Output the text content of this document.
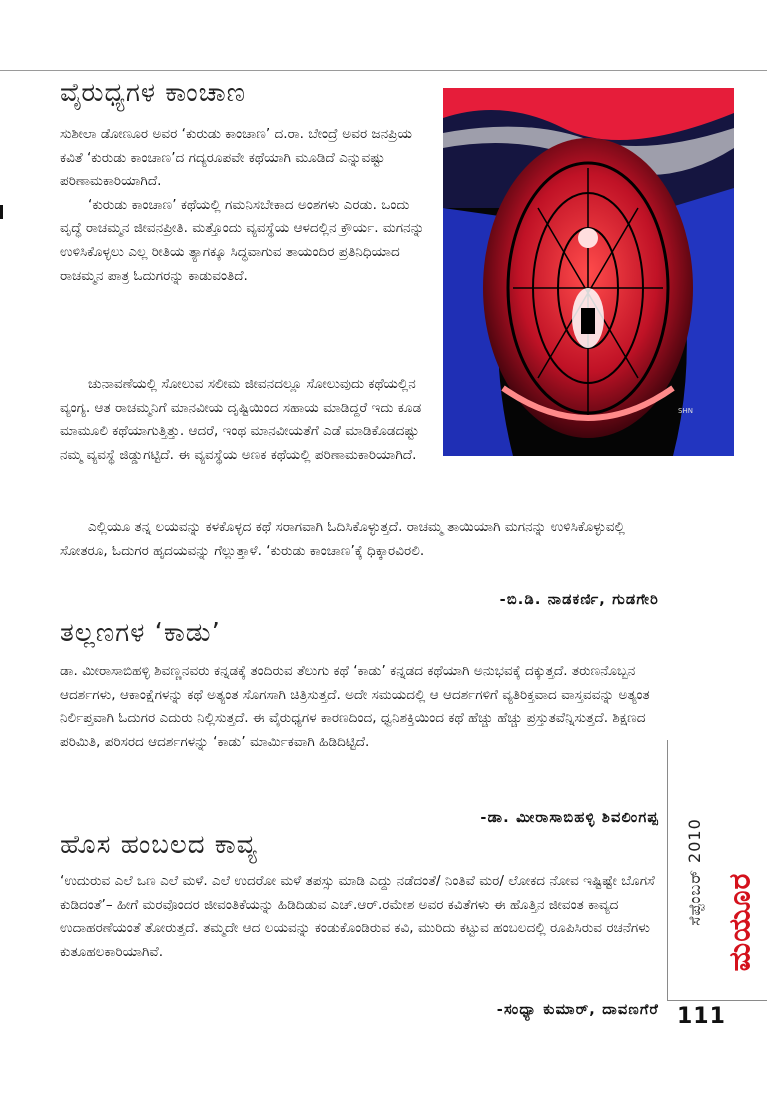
ವೈರುಧ್ಯಗಳ ಕಾಂಚಾಣ
SHN

ಸುಶೀಲಾ ಡೋಣೂರ ಅವರ ‘ಕುರುಡು ಕಾಂಚಾಣ’ ದ.ರಾ. ಬೇಂದ್ರೆ ಅವರ ಜನಪ್ರಿಯ ಕವಿತೆ ‘ಕುರುಡು ಕಾಂಚಾಣ’ದ ಗದ್ಯರೂಪವೇ ಕಥೆಯಾಗಿ ಮೂಡಿದೆ ಎನ್ನುವಷ್ಟು ಪರಿಣಾಮಕಾರಿಯಾಗಿದೆ.

‘ಕುರುಡು ಕಾಂಚಾಣ’ ಕಥೆಯಲ್ಲಿ ಗಮನಿಸಬೇಕಾದ ಅಂಶಗಳು ಎರಡು. ಒಂದು ವೃದ್ಧೆ ರಾಚಮ್ಮನ ಜೀವನಪ್ರೀತಿ. ಮತ್ತೊಂದು ವ್ಯವಸ್ಥೆಯ ಆಳದಲ್ಲಿನ ಕ್ರೌರ್ಯ. ಮಗನನ್ನು ಉಳಿಸಿಕೊಳ್ಳಲು ಎಲ್ಲ ರೀತಿಯ ತ್ಯಾಗಕ್ಕೂ ಸಿದ್ಧವಾಗುವ ತಾಯಂದಿರ ಪ್ರತಿನಿಧಿಯಾದ ರಾಚಮ್ಮನ ಪಾತ್ರ ಓದುಗರನ್ನು ಕಾಡುವಂತಿದೆ.

ಚುನಾವಣೆಯಲ್ಲಿ ಸೋಲುವ ಸಲೀಮ ಜೀವನದಲ್ಲೂ ಸೋಲುವುದು ಕಥೆಯಲ್ಲಿನ ವ್ಯಂಗ್ಯ. ಆತ ರಾಚಮ್ಮನಿಗೆ ಮಾನವೀಯ ದೃಷ್ಟಿಯಿಂದ ಸಹಾಯ ಮಾಡಿದ್ದರೆ ಇದು ಕೂಡ ಮಾಮೂಲಿ ಕಥೆಯಾಗುತ್ತಿತ್ತು. ಆದರೆ, ಇಂಥ ಮಾನವೀಯತೆಗೆ ಎಡೆ ಮಾಡಿಕೊಡದಷ್ಟು ನಮ್ಮ ವ್ಯವಸ್ಥೆ ಜಿಡ್ಡುಗಟ್ಟಿದೆ. ಈ ವ್ಯವಸ್ಥೆಯ ಅಣಕ ಕಥೆಯಲ್ಲಿ ಪರಿಣಾಮಕಾರಿಯಾಗಿದೆ.

ಎಲ್ಲಿಯೂ ತನ್ನ ಲಯವನ್ನು ಕಳಕೊಳ್ಳದ ಕಥೆ ಸರಾಗವಾಗಿ ಓದಿಸಿಕೊಳ್ಳುತ್ತದೆ. ರಾಚಮ್ಮ ತಾಯಿಯಾಗಿ ಮಗನನ್ನು ಉಳಿಸಿಕೊಳ್ಳುವಲ್ಲಿ ಸೋತರೂ, ಓದುಗರ ಹೃದಯವನ್ನು ಗೆಲ್ಲುತ್ತಾಳೆ. ‘ಕುರುಡು ಕಾಂಚಾಣ’ಕ್ಕೆ ಧಿಕ್ಕಾರವಿರಲಿ.

-ಬಿ.ಡಿ. ನಾಡಕರ್ಣಿ, ಗುಡಗೇರಿ
ತಲ್ಲಣಗಳ ‘ಕಾಡು’

ಡಾ. ಮೀರಾಸಾಬಿಹಳ್ಳಿ ಶಿವಣ್ಣನವರು ಕನ್ನಡಕ್ಕೆ ತಂದಿರುವ ತೆಲುಗು ಕಥೆ ‘ಕಾಡು’ ಕನ್ನಡದ ಕಥೆಯಾಗಿ ಅನುಭವಕ್ಕೆ ದಕ್ಕುತ್ತದೆ. ತರುಣನೊಬ್ಬನ ಆದರ್ಶಗಳು, ಆಕಾಂಕ್ಷೆಗಳನ್ನು ಕಥೆ ಅತ್ಯಂತ ಸೊಗಸಾಗಿ ಚಿತ್ರಿಸುತ್ತದೆ. ಅದೇ ಸಮಯದಲ್ಲಿ ಆ ಆದರ್ಶಗಳಿಗೆ ವ್ಯತಿರಿಕ್ತವಾದ ವಾಸ್ತವವನ್ನು ಅತ್ಯಂತ ನಿರ್ಲಿಪ್ತವಾಗಿ ಓದುಗರ ಎದುರು ನಿಲ್ಲಿಸುತ್ತದೆ. ಈ ವೈರುಧ್ಯಗಳ ಕಾರಣದಿಂದ, ಧ್ವನಿಶಕ್ತಿಯಿಂದ ಕಥೆ ಹೆಚ್ಚು ಹೆಚ್ಚು ಪ್ರಸ್ತುತವೆನ್ನಿಸುತ್ತದೆ. ಶಿಕ್ಷಣದ ಪರಿಮಿತಿ, ಪರಿಸರದ ಆದರ್ಶಗಳನ್ನು ‘ಕಾಡು’ ಮಾರ್ಮಿಕವಾಗಿ ಹಿಡಿದಿಟ್ಟಿದೆ.

-ಡಾ. ಮೀರಾಸಾಬಿಹಳ್ಳಿ ಶಿವಲಿಂಗಪ್ಪ
ಹೊಸ ಹಂಬಲದ ಕಾವ್ಯ

‘ಉದುರುವ ಎಲೆ ಒಣ ಎಲೆ ಮಳೆ. ಎಲೆ ಉದರೋ ಮಳೆ ತಪಸ್ಸು ಮಾಡಿ ಎದ್ದು ನಡೆದಂತೆ/ ನಿಂತಿವೆ ಮರ/ ಲೋಕದ ನೋವ ಇಷ್ಟಿಷ್ಟೇ ಬೊಗಸೆ ಕುಡಿದಂತೆ’– ಹೀಗೆ ಮರವೊಂದರ ಜೀವಂತಿಕೆಯನ್ನು ಹಿಡಿದಿಡುವ ಎಚ್.ಆರ್.ರಮೇಶ ಅವರ ಕವಿತೆಗಳು ಈ ಹೊತ್ತಿನ ಜೀವಂತ ಕಾವ್ಯದ ಉದಾಹರಣೆಯಂತೆ ತೋರುತ್ತದೆ. ತಮ್ಮದೇ ಆದ ಲಯವನ್ನು ಕಂಡುಕೊಂಡಿರುವ ಕವಿ, ಮುರಿದು ಕಟ್ಟುವ ಹಂಬಲದಲ್ಲಿ ರೂಪಿಸಿರುವ ರಚನೆಗಳು ಕುತೂಹಲಕಾರಿಯಾಗಿವೆ.

-ಸಂಧ್ಯಾ ಕುಮಾರ್, ದಾವಣಗೆರೆ
ಸೆಪ್ಟೆಂಬರ್ 2010 ಮಯೂರ
111
